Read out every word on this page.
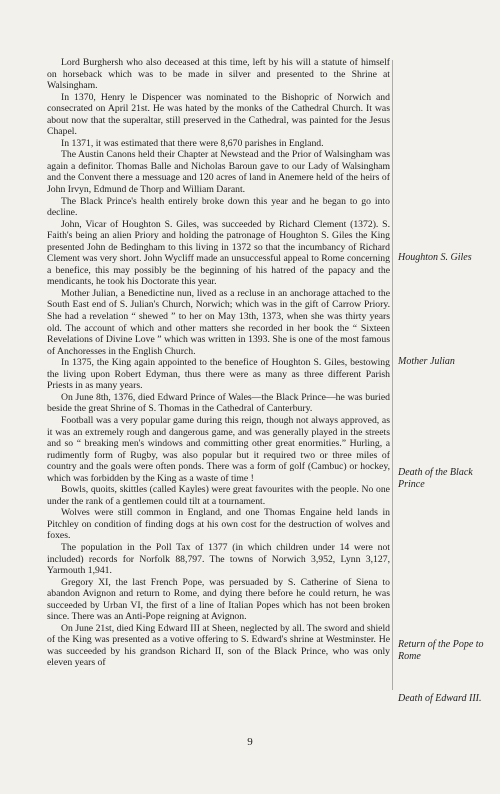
Lord Burghersh who also deceased at this time, left by his will a statute of himself on horseback which was to be made in silver and presented to the Shrine at Walsingham.

In 1370, Henry le Dispencer was nominated to the Bishopric of Norwich and consecrated on April 21st. He was hated by the monks of the Cathedral Church. It was about now that the superaltar, still preserved in the Cathedral, was painted for the Jesus Chapel.

In 1371, it was estimated that there were 8,670 parishes in England.

The Austin Canons held their Chapter at Newstead and the Prior of Walsingham was again a definitor. Thomas Balle and Nicholas Baroun gave to our Lady of Walsingham and the Convent there a messuage and 120 acres of land in Anemere held of the heirs of John Irvyn, Edmund de Thorp and William Darant.

The Black Prince's health entirely broke down this year and he began to go into decline.

John, Vicar of Houghton S. Giles, was succeeded by Richard Clement (1372). S. Faith's being an alien Priory and holding the patronage of Houghton S. Giles the King presented John de Bedingham to this living in 1372 so that the incumbancy of Richard Clement was very short. John Wycliff made an unsuccessful appeal to Rome concerning a benefice, this may possibly be the beginning of his hatred of the papacy and the mendicants, he took his Doctorate this year.

Mother Julian, a Benedictine nun, lived as a recluse in an anchorage attached to the South East end of S. Julian's Church, Norwich; which was in the gift of Carrow Priory. She had a revelation “ shewed ” to her on May 13th, 1373, when she was thirty years old. The account of which and other matters she recorded in her book the “ Sixteen Revelations of Divine Love ” which was written in 1393. She is one of the most famous of Anchoresses in the English Church.

In 1375, the King again appointed to the benefice of Houghton S. Giles, bestowing the living upon Robert Edyman, thus there were as many as three different Parish Priests in as many years.

On June 8th, 1376, died Edward Prince of Wales—the Black Prince—he was buried beside the great Shrine of S. Thomas in the Cathedral of Canterbury.

Football was a very popular game during this reign, though not always approved, as it was an extremely rough and dangerous game, and was generally played in the streets and so “ breaking men's windows and committing other great enormities.” Hurling, a rudimently form of Rugby, was also popular but it required two or three miles of country and the goals were often ponds. There was a form of golf (Cambuc) or hockey, which was forbidden by the King as a waste of time !

Bowls, quoits, skittles (called Kayles) were great favourites with the people. No one under the rank of a gentlemen could tilt at a tournament.

Wolves were still common in England, and one Thomas Engaine held lands in Pitchley on condition of finding dogs at his own cost for the destruction of wolves and foxes.

The population in the Poll Tax of 1377 (in which children under 14 were not included) records for Norfolk 88,797. The towns of Norwich 3,952, Lynn 3,127, Yarmouth 1,941.

Gregory XI, the last French Pope, was persuaded by S. Catherine of Siena to abandon Avignon and return to Rome, and dying there before he could return, he was succeeded by Urban VI, the first of a line of Italian Popes which has not been broken since. There was an Anti-Pope reigning at Avignon.

On June 21st, died King Edward III at Sheen, neglected by all. The sword and shield of the King was presented as a votive offering to S. Edward's shrine at Westminster. He was succeeded by his grandson Richard II, son of the Black Prince, who was only eleven years of

Houghton S. Giles
Mother Julian
Death of the Black Prince
Return of the Pope to Rome
Death of Edward III.
9
